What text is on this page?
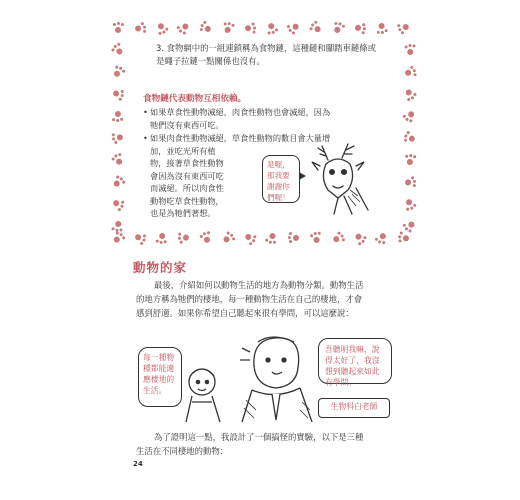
3. 食物網中的一組連鎖稱為食物鏈，這種鏈和腳踏車鏈條或是繩子拉鏈一點關係也沒有。
食物鏈代表動物互相依賴。
• 如果草食性動物滅絕，肉食性動物也會滅絕，因為
牠們沒有東西可吃。
• 如果肉食性動物滅絕，草食性動物的數目會大量增
加，並吃光所有植
物，接著草食性動物
會因為沒有東西可吃
而滅絕。所以肉食性
動物吃草食性動物，
也是為牠們著想。
是喔，那我要謝謝你們喔！
動物的家
最後，介紹如何以動物生活的地方為動物分類。動物生活
的地方稱為牠們的棲地，每一種動物生活在自己的棲地，才會
感到舒適。如果你希望自己聽起來很有學問，可以這麼說：
每一種物種都能適應棲地的生活。
吾聽明我嘛，說得太好了，我沒想到聽起來如此有學問。
生物科白老師
為了證明這一點，我設計了一個搞怪的實驗，以下是三種
生活在不同棲地的動物：
24
